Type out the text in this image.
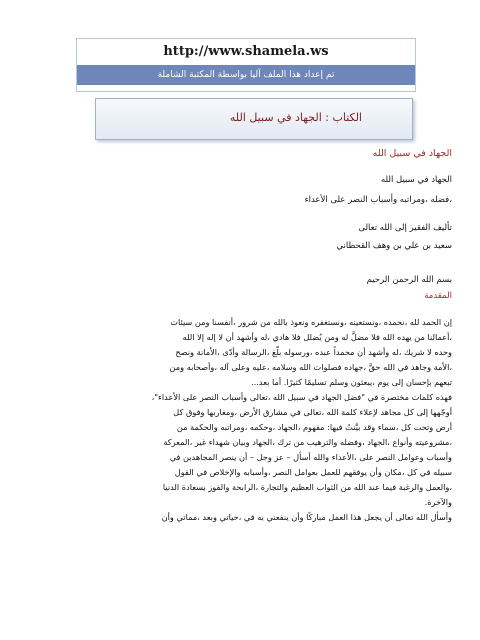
http://www.shamela.ws
تم إعداد هذا الملف آليا بواسطة المكتبة الشاملة
الكتاب : الجهاد في سبيل الله

الجهاد في سبيل الله

الجهاد في سبيل الله

،فضله ،ومراتبه وأسباب النصر على الأعداء

تأليف الفقير إلى الله تعالى

سعيد بن علي بن وهف القحطاني

بسم الله الرحمن الرحيم

المقدمة

إن الحمد لله ،نحمده ،ونستعينه ،ونستغفره ونعوذ بالله من شرور ،أنفسنا ومن سيئات

،أعمالنا من يهده الله فلا مضلَّ له ومن يُضلل فلا هادي ،له وأشهد أن لا إله إلا الله

وحده لا شريك ،له وأشهد أن محمداً عبده ،ورسوله بلّغ ،الرسالة وأدّى ،الأمانة ونصح

،الأمة وجاهد في الله حقَّ ،جهاده فصلوات الله وسلامه ،عليه وعلى آله ،وأصحابه ومن

تبعهم بإحسان إلى يوم ،يبعثون وسلم تسليمًا كثيرًا. أما بعد...

فهذه كلمات مختصرة في "فضل الجهاد في سبيل الله ،تعالى وأسباب النصر على الأعداء"،

أوجّهها إلى كل مجاهد لإعلاء كلمة الله ،تعالى في مشارق الأرض ،ومغاربها وفوق كل

أرض وتحت كل ،سماء وقد بيَّنتُ فيها: مفهوم ،الجهاد ،وحكمه ،ومراتبه والحكمة من

،مشروعيته وأنواع ،الجهاد ،وفضله والترهيب من ترك ،الجهاد وبيان شهداء غير ،المعركة

وأسباب وعوامل النصر على ،الأعداء والله أسأل – عز وجل – أن ينصر المجاهدين في

سبيله في كل ،مكان وأن يوفقهم للعمل بعوامل النصر ،وأسبابه والإخلاص في القول

،والعمل والرغبة فيما عند الله من الثواب العظيم والتجارة ،الرابحة والفوز بسعادة الدنيا

والآخرة.

وأسأل الله تعالى أن يجعل هذا العمل مباركًا وأن ينفعني به في ،حياتي وبعد ،مماتي وأن
